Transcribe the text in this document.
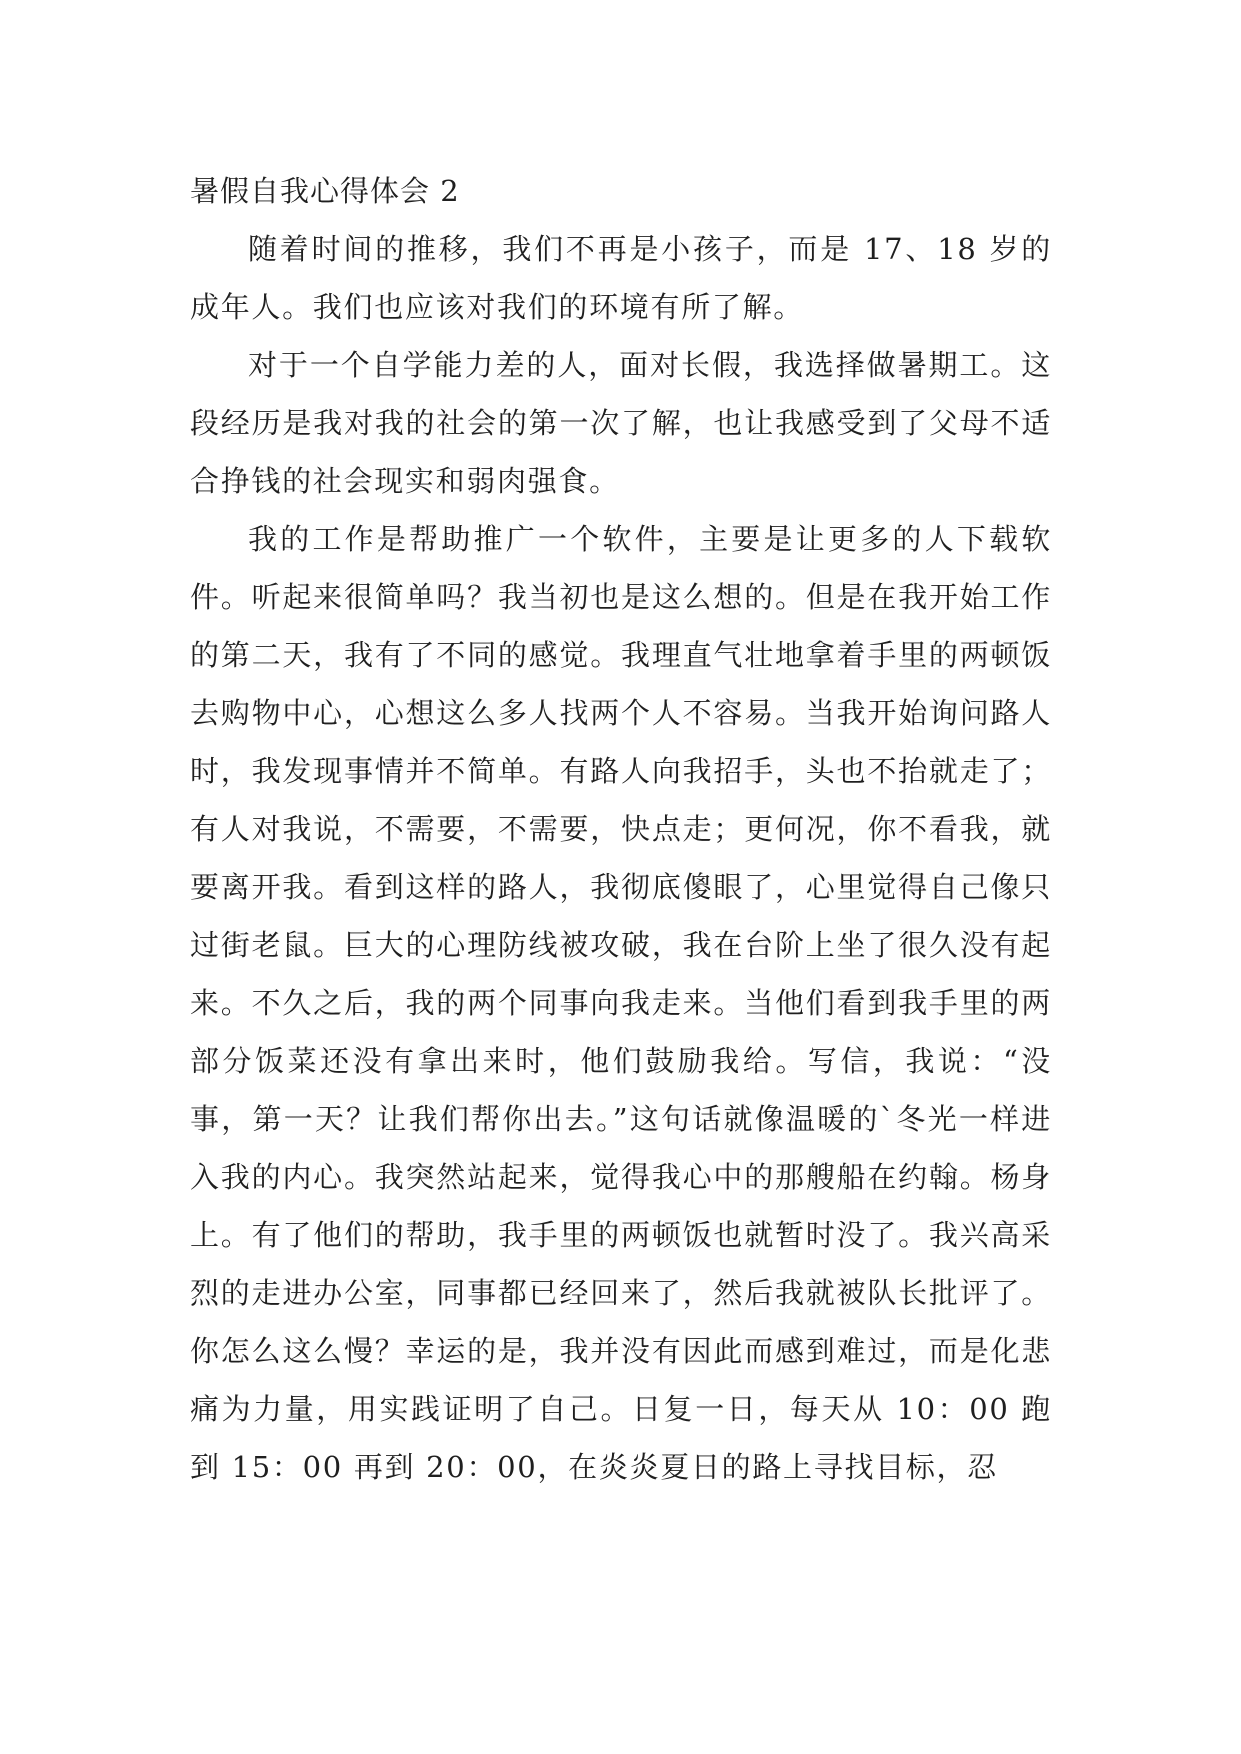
暑假自我心得体会 2

随着时间的推移，我们不再是小孩子，而是 17、18 岁的成年人。我们也应该对我们的环境有所了解。

对于一个自学能力差的人，面对长假，我选择做暑期工。这段经历是我对我的社会的第一次了解，也让我感受到了父母不适合挣钱的社会现实和弱肉强食。

我的工作是帮助推广一个软件，主要是让更多的人下载软件。听起来很简单吗？我当初也是这么想的。但是在我开始工作的第二天，我有了不同的感觉。我理直气壮地拿着手里的两顿饭去购物中心，心想这么多人找两个人不容易。当我开始询问路人时，我发现事情并不简单。有路人向我招手，头也不抬就走了；有人对我说，不需要，不需要，快点走；更何况，你不看我，就要离开我。看到这样的路人，我彻底傻眼了，心里觉得自己像只过街老鼠。巨大的心理防线被攻破，我在台阶上坐了很久没有起来。不久之后，我的两个同事向我走来。当他们看到我手里的两部分饭菜还没有拿出来时，他们鼓励我给。写信，我说：“没事，第一天？让我们帮你出去。”这句话就像温暖的`冬光一样进入我的内心。我突然站起来，觉得我心中的那艘船在约翰。杨身上。有了他们的帮助，我手里的两顿饭也就暂时没了。我兴高采烈的走进办公室，同事都已经回来了，然后我就被队长批评了。你怎么这么慢？幸运的是，我并没有因此而感到难过，而是化悲痛为力量，用实践证明了自己。日复一日，每天从 10：00 跑到 15：00 再到 20：00，在炎炎夏日的路上寻找目标，忍
